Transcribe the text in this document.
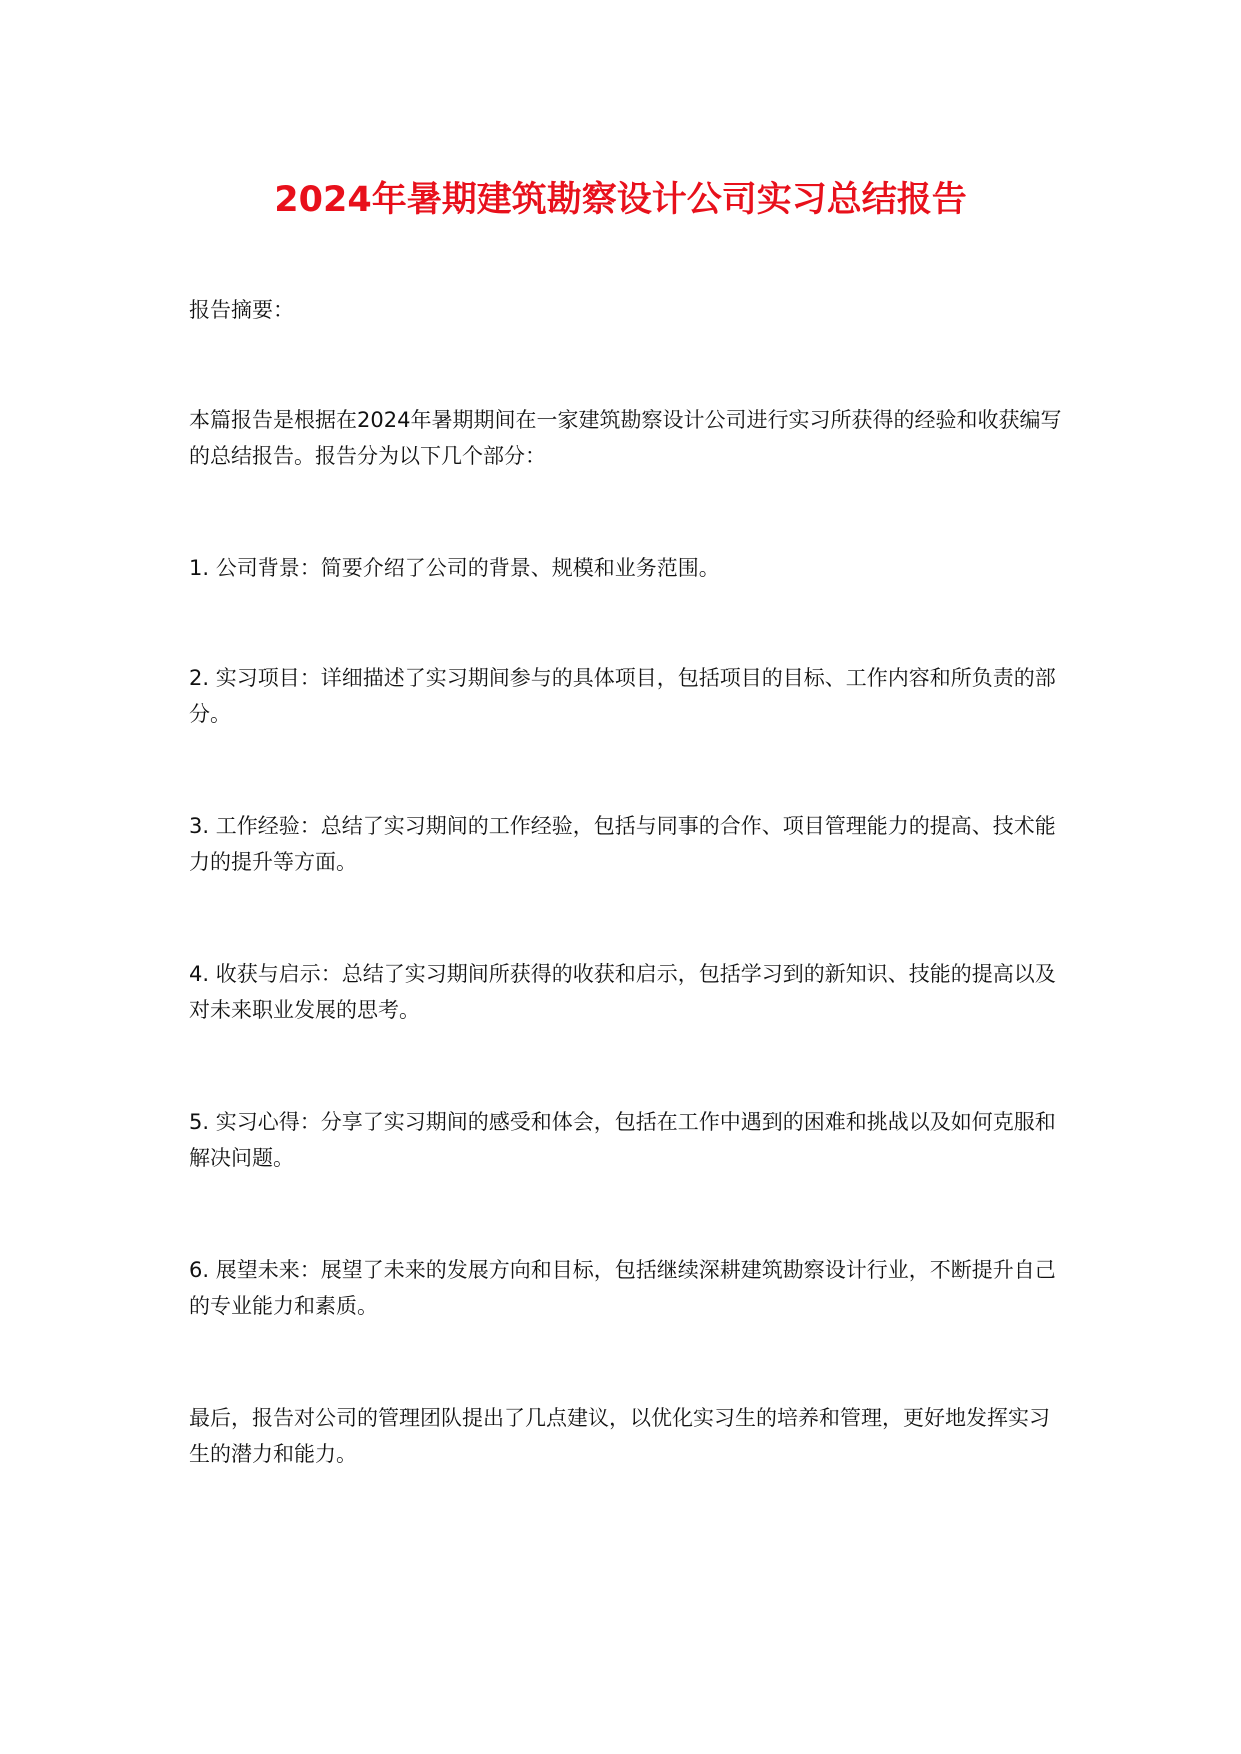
2024年暑期建筑勘察设计公司实习总结报告

报告摘要：

本篇报告是根据在2024年暑期期间在一家建筑勘察设计公司进行实习所获得的经验和收获编写的总结报告。报告分为以下几个部分：

1. 公司背景：简要介绍了公司的背景、规模和业务范围。

2. 实习项目：详细描述了实习期间参与的具体项目，包括项目的目标、工作内容和所负责的部分。

3. 工作经验：总结了实习期间的工作经验，包括与同事的合作、项目管理能力的提高、技术能力的提升等方面。

4. 收获与启示：总结了实习期间所获得的收获和启示，包括学习到的新知识、技能的提高以及对未来职业发展的思考。

5. 实习心得：分享了实习期间的感受和体会，包括在工作中遇到的困难和挑战以及如何克服和解决问题。

6. 展望未来：展望了未来的发展方向和目标，包括继续深耕建筑勘察设计行业，不断提升自己的专业能力和素质。

最后，报告对公司的管理团队提出了几点建议，以优化实习生的培养和管理，更好地发挥实习生的潜力和能力。
